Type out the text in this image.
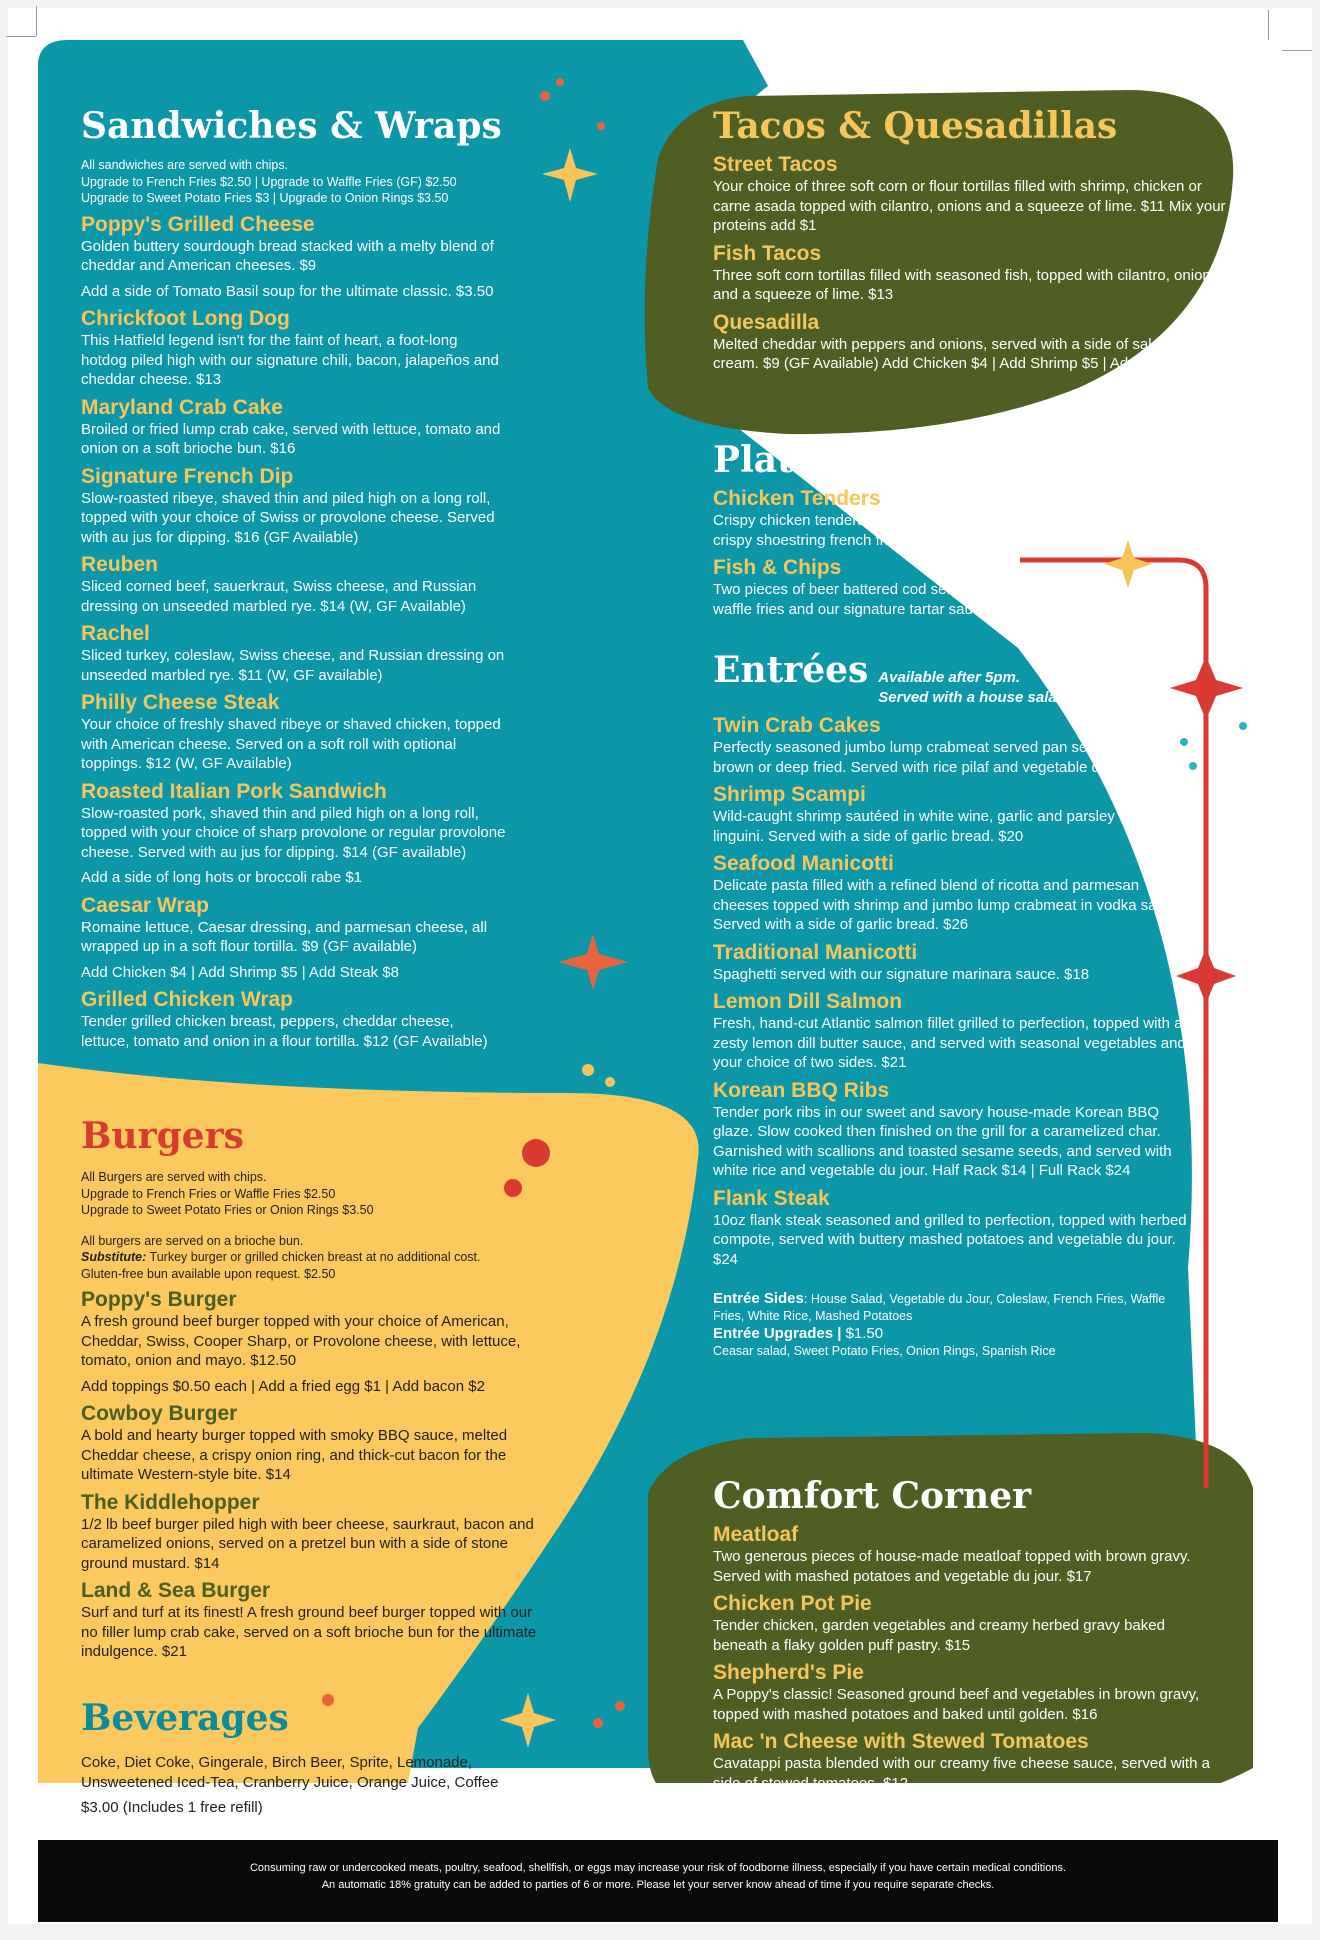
Sandwiches & Wraps
All sandwiches are served with chips.
Upgrade to French Fries $2.50 | Upgrade to Waffle Fries (GF) $2.50
Upgrade to Sweet Potato Fries $3 | Upgrade to Onion Rings $3.50
Poppy's Grilled Cheese
Golden buttery sourdough bread stacked with a melty blend of cheddar and American cheeses. $9
Add a side of Tomato Basil soup for the ultimate classic. $3.50
Chrickfoot Long Dog
This Hatfield legend isn't for the faint of heart, a foot-long hotdog piled high with our signature chili, bacon, jalapeños and cheddar cheese. $13
Maryland Crab Cake
Broiled or fried lump crab cake, served with lettuce, tomato and onion on a soft brioche bun. $16
Signature French Dip
Slow-roasted ribeye, shaved thin and piled high on a long roll, topped with your choice of Swiss or provolone cheese. Served with au jus for dipping. $16 (GF Available)
Reuben
Sliced corned beef, sauerkraut, Swiss cheese, and Russian dressing on unseeded marbled rye. $14 (W, GF Available)
Rachel
Sliced turkey, coleslaw, Swiss cheese, and Russian dressing on unseeded marbled rye. $11 (W, GF available)
Philly Cheese Steak
Your choice of freshly shaved ribeye or shaved chicken, topped with American cheese. Served on a soft roll with optional toppings. $12 (W, GF Available)
Roasted Italian Pork Sandwich
Slow-roasted pork, shaved thin and piled high on a long roll, topped with your choice of sharp provolone or regular provolone cheese. Served with au jus for dipping. $14 (GF available)
Add a side of long hots or broccoli rabe $1
Caesar Wrap
Romaine lettuce, Caesar dressing, and parmesan cheese, all wrapped up in a soft flour tortilla. $9 (GF available)
Add Chicken $4 | Add Shrimp $5 | Add Steak $8
Grilled Chicken Wrap
Tender grilled chicken breast, peppers, cheddar cheese, lettuce, tomato and onion in a flour tortilla. $12 (GF Available)
Burgers
All Burgers are served with chips.
Upgrade to French Fries or Waffle Fries $2.50
Upgrade to Sweet Potato Fries or Onion Rings $3.50
All burgers are served on a brioche bun.
Substitute: Turkey burger or grilled chicken breast at no additional cost.
Gluten-free bun available upon request. $2.50
Poppy's Burger
A fresh ground beef burger topped with your choice of American, Cheddar, Swiss, Cooper Sharp, or Provolone cheese, with lettuce, tomato, onion and mayo. $12.50
Add toppings $0.50 each | Add a fried egg $1 | Add bacon $2
Cowboy Burger
A bold and hearty burger topped with smoky BBQ sauce, melted Cheddar cheese, a crispy onion ring, and thick-cut bacon for the ultimate Western-style bite. $14
The Kiddlehopper
1/2 lb beef burger piled high with beer cheese, saurkraut, bacon and caramelized onions, served on a pretzel bun with a side of stone ground mustard. $14
Land & Sea Burger
Surf and turf at its finest! A fresh ground beef burger topped with our no filler lump crab cake, served on a soft brioche bun for the ultimate indulgence. $21
Beverages
Coke, Diet Coke, Gingerale, Birch Beer, Sprite, Lemonade, Unsweetened Iced-Tea, Cranberry Juice, Orange Juice, Coffee
$3.00 (Includes 1 free refill)
Tacos & Quesadillas
Street Tacos
Your choice of three soft corn or flour tortillas filled with shrimp, chicken or carne asada topped with cilantro, onions and a squeeze of lime. $11 Mix your proteins add $1
Fish Tacos
Three soft corn tortillas filled with seasoned fish, topped with cilantro, onions and a squeeze of lime. $13
Quesadilla
Melted cheddar with peppers and onions, served with a side of salsa and sour cream. $9 (GF Available) Add Chicken $4 | Add Shrimp $5 | Add Steak $8
Platters
Chicken Tenders
Crispy chicken tenders served with a side of crispy shoestring french fries. $12
Fish & Chips
Two pieces of beer battered cod served with waffle fries and our signature tartar sauce. $17
Entrées Available after 5pm.
Served with a house salad.
Twin Crab Cakes
Perfectly seasoned jumbo lump crabmeat served pan seared to golden brown or deep fried. Served with rice pilaf and vegetable du jour. $24
Shrimp Scampi
Wild-caught shrimp sautéed in white wine, garlic and parsley over linguini. Served with a side of garlic bread. $20
Seafood Manicotti
Delicate pasta filled with a refined blend of ricotta and parmesan cheeses topped with shrimp and jumbo lump crabmeat in vodka sauce. Served with a side of garlic bread. $26
Traditional Manicotti
Spaghetti served with our signature marinara sauce. $18
Lemon Dill Salmon
Fresh, hand-cut Atlantic salmon fillet grilled to perfection, topped with a zesty lemon dill butter sauce, and served with seasonal vegetables and your choice of two sides. $21
Korean BBQ Ribs
Tender pork ribs in our sweet and savory house-made Korean BBQ glaze. Slow cooked then finished on the grill for a caramelized char. Garnished with scallions and toasted sesame seeds, and served with white rice and vegetable du jour. Half Rack $14 | Full Rack $24
Flank Steak
10oz flank steak seasoned and grilled to perfection, topped with herbed compote, served with buttery mashed potatoes and vegetable du jour. $24
Entrée Sides: House Salad, Vegetable du Jour, Coleslaw, French Fries, Waffle Fries, White Rice, Mashed Potatoes
Entrée Upgrades | $1.50
Ceasar salad, Sweet Potato Fries, Onion Rings, Spanish Rice
Comfort Corner
Meatloaf
Two generous pieces of house-made meatloaf topped with brown gravy. Served with mashed potatoes and vegetable du jour. $17
Chicken Pot Pie
Tender chicken, garden vegetables and creamy herbed gravy baked beneath a flaky golden puff pastry. $15
Shepherd's Pie
A Poppy's classic! Seasoned ground beef and vegetables in brown gravy, topped with mashed potatoes and baked until golden. $16
Mac 'n Cheese with Stewed Tomatoes
Cavatappi pasta blended with our creamy five cheese sauce, served with a side of stewed tomatoes. $12
Consuming raw or undercooked meats, poultry, seafood, shellfish, or eggs may increase your risk of foodborne illness, especially if you have certain medical conditions.
An automatic 18% gratuity can be added to parties of 6 or more. Please let your server know ahead of time if you require separate checks.
